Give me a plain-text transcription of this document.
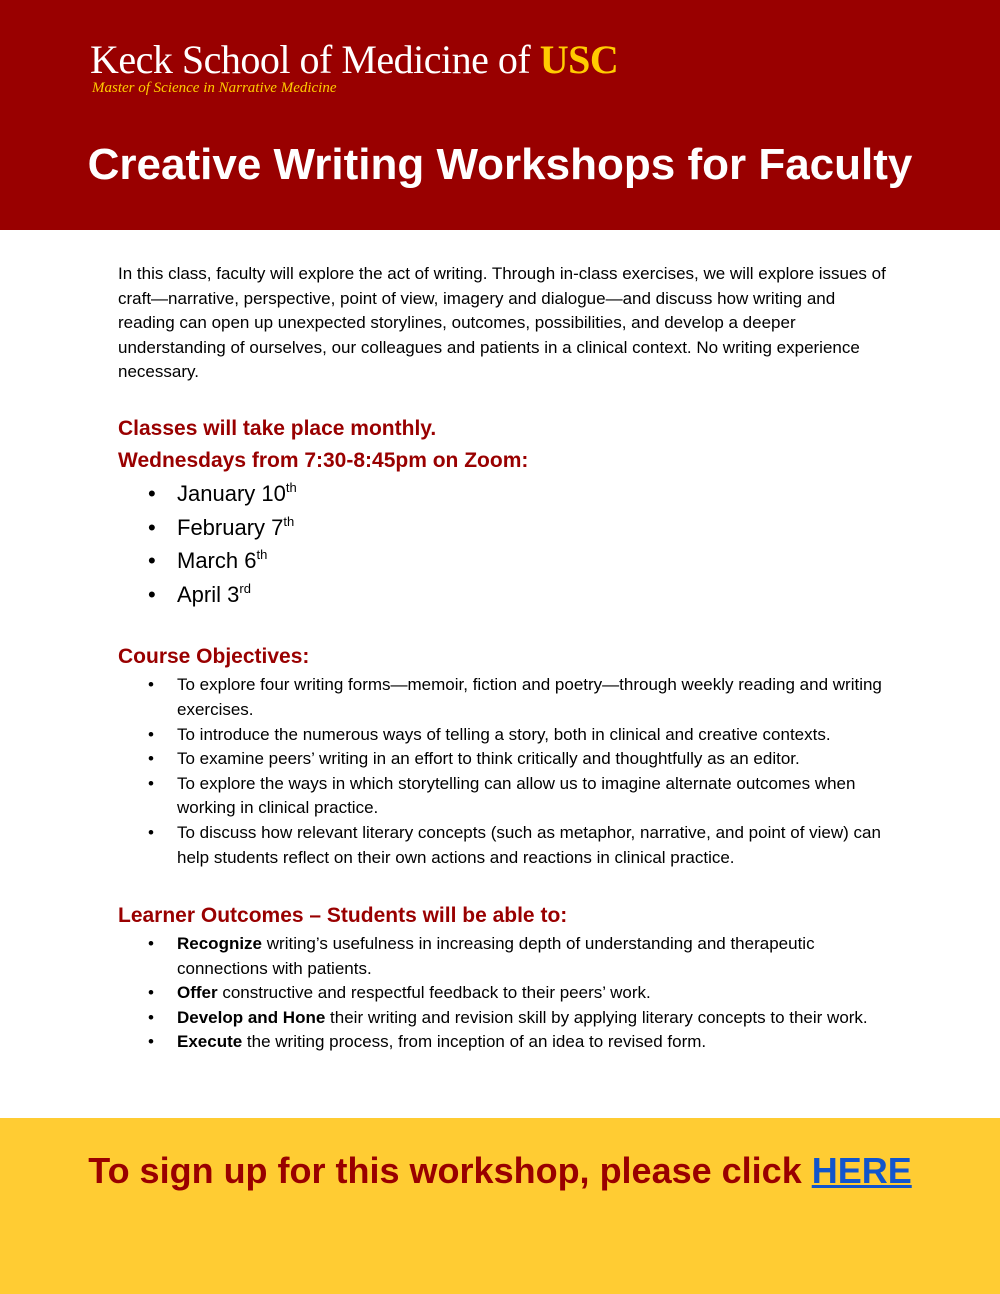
Keck School of Medicine of USC
Master of Science in Narrative Medicine
Creative Writing Workshops for Faculty

In this class, faculty will explore the act of writing. Through in-class exercises, we will explore issues of craft—narrative, perspective, point of view, imagery and dialogue—and discuss how writing and reading can open up unexpected storylines, outcomes, possibilities, and develop a deeper understanding of ourselves, our colleagues and patients in a clinical context. No writing experience necessary.

Classes will take place monthly.

Wednesdays from 7:30-8:45pm on Zoom:

• January 10th
• February 7th
• March 6th
• April 3rd

Course Objectives:

• To explore four writing forms—memoir, fiction and poetry—through weekly reading and writing exercises.
• To introduce the numerous ways of telling a story, both in clinical and creative contexts.
• To examine peers’ writing in an effort to think critically and thoughtfully as an editor.
• To explore the ways in which storytelling can allow us to imagine alternate outcomes when working in clinical practice.
• To discuss how relevant literary concepts (such as metaphor, narrative, and point of view) can help students reflect on their own actions and reactions in clinical practice.

Learner Outcomes – Students will be able to:

• Recognize writing’s usefulness in increasing depth of understanding and therapeutic connections with patients.
• Offer constructive and respectful feedback to their peers’ work.
• Develop and Hone their writing and revision skill by applying literary concepts to their work.
• Execute the writing process, from inception of an idea to revised form.
To sign up for this workshop, please click HERE
